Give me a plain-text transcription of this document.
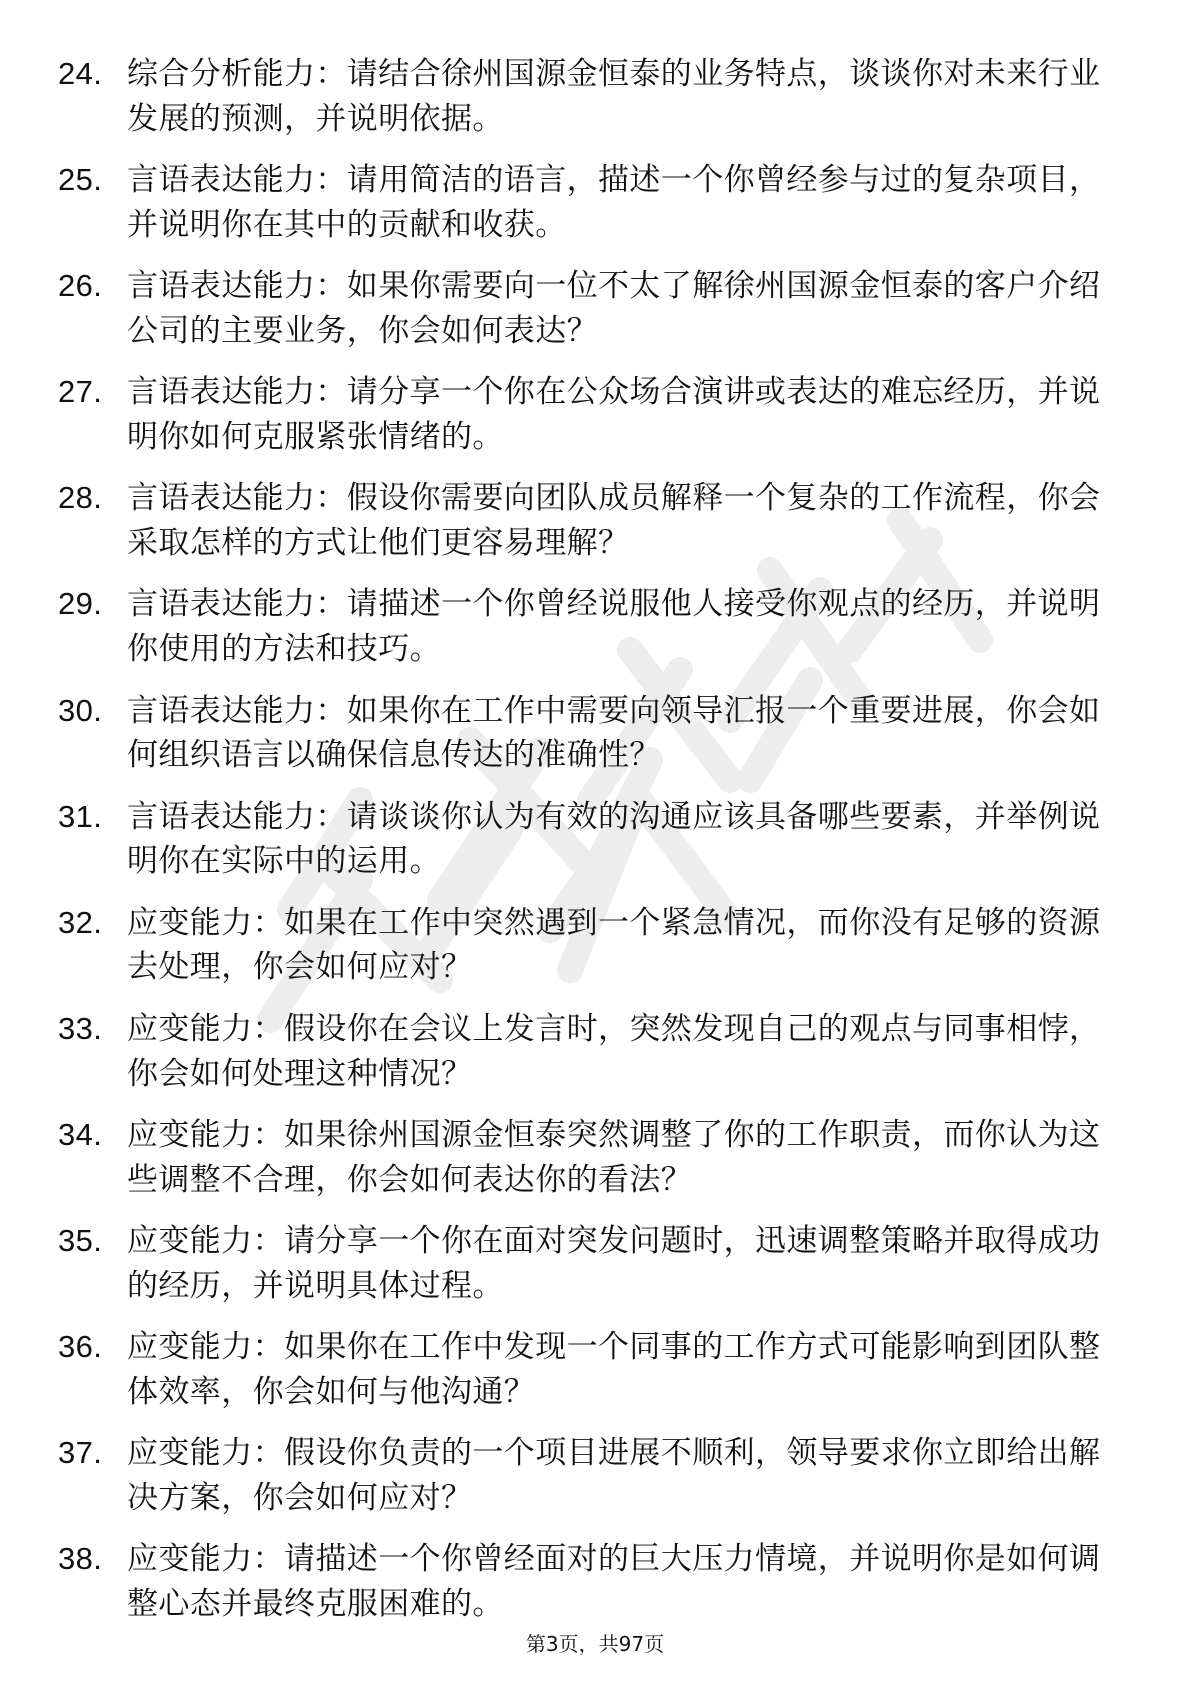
24. 综合分析能力：请结合徐州国源金恒泰的业务特点，谈谈你对未来行业发展的预测，并说明依据。
25. 言语表达能力：请用简洁的语言，描述一个你曾经参与过的复杂项目，并说明你在其中的贡献和收获。
26. 言语表达能力：如果你需要向一位不太了解徐州国源金恒泰的客户介绍公司的主要业务，你会如何表达？
27. 言语表达能力：请分享一个你在公众场合演讲或表达的难忘经历，并说明你如何克服紧张情绪的。
28. 言语表达能力：假设你需要向团队成员解释一个复杂的工作流程，你会采取怎样的方式让他们更容易理解？
29. 言语表达能力：请描述一个你曾经说服他人接受你观点的经历，并说明你使用的方法和技巧。
30. 言语表达能力：如果你在工作中需要向领导汇报一个重要进展，你会如何组织语言以确保信息传达的准确性？
31. 言语表达能力：请谈谈你认为有效的沟通应该具备哪些要素，并举例说明你在实际中的运用。
32. 应变能力：如果在工作中突然遇到一个紧急情况，而你没有足够的资源去处理，你会如何应对？
33. 应变能力：假设你在会议上发言时，突然发现自己的观点与同事相悖，你会如何处理这种情况？
34. 应变能力：如果徐州国源金恒泰突然调整了你的工作职责，而你认为这些调整不合理，你会如何表达你的看法？
35. 应变能力：请分享一个你在面对突发问题时，迅速调整策略并取得成功的经历，并说明具体过程。
36. 应变能力：如果你在工作中发现一个同事的工作方式可能影响到团队整体效率，你会如何与他沟通？
37. 应变能力：假设你负责的一个项目进展不顺利，领导要求你立即给出解决方案，你会如何应对？
38. 应变能力：请描述一个你曾经面对的巨大压力情境，并说明你是如何调整心态并最终克服困难的。
第3页，共97页
